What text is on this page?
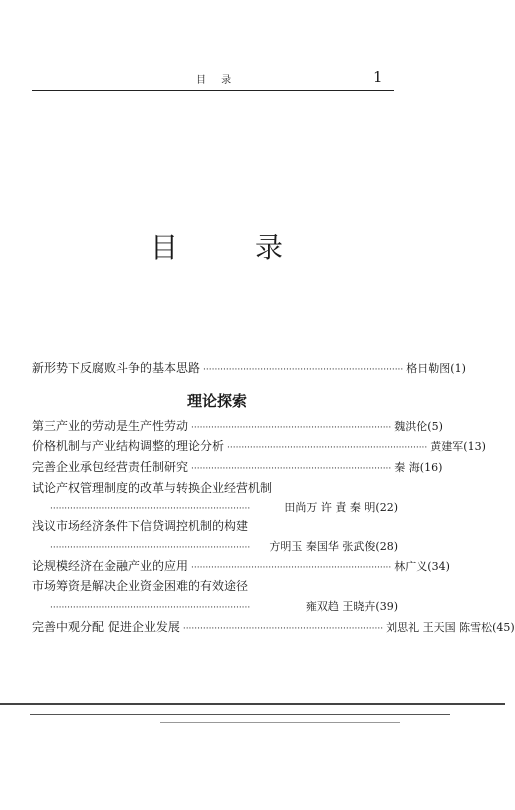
目 录	1
目	录
新形势下反腐败斗争的基本思路 ······································································ 格日勒图(1)
理论探索
第三产业的劳动是生产性劳动 ······································································ 魏洪伦(5)
价格机制与产业结构调整的理论分析 ······································································ 黄建军(13)
完善企业承包经营责任制研究 ······································································ 秦 海(16)
试论产权管理制度的改革与转换企业经营机制
······································································	田尚万 许 責 秦 明(22)
浅议市场经济条件下信贷调控机制的构建
······································································	方明玉 秦国华 张武俊(28)
论规模经济在金融产业的应用 ······································································ 林广义(34)
市场筹资是解决企业资金困难的有效途径
······································································	雍双趋 王晓卉(39)
完善中观分配 促进企业发展 ······································································ 刘思礼 王天国 陈雪松(45)
